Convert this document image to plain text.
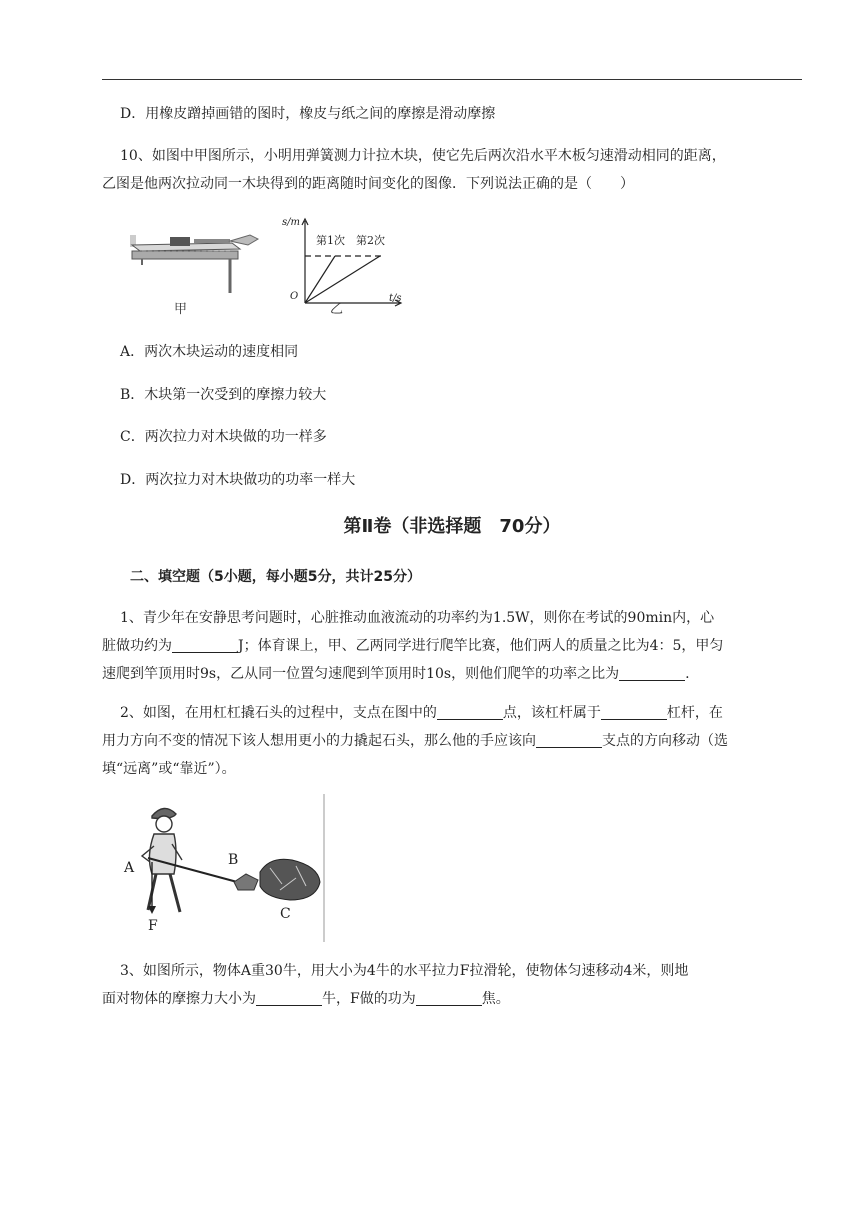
D．用橡皮蹭掉画错的图时，橡皮与纸之间的摩擦是滑动摩擦

10、如图中甲图所示，小明用弹簧测力计拉木块，使它先后两次沿水平木板匀速滑动相同的距离，
乙图是他两次拉动同一木块得到的距离随时间变化的图像．下列说法正确的是（　　）

甲
s/m
t/s
O
第1次 第2次
乙

A．两次木块运动的速度相同

B．木块第一次受到的摩擦力较大

C．两次拉力对木块做的功一样多

D．两次拉力对木块做功的功率一样大

第Ⅱ卷（非选择题　70分）
二、填空题（5小题，每小题5分，共计25分）

1、青少年在安静思考问题时，心脏推动血液流动的功率约为1.5W，则你在考试的90min内，心
脏做功约为	J；体育课上，甲、乙两同学进行爬竿比赛，他们两人的质量之比为4：5，甲匀
速爬到竿顶用时9s，乙从同一位置匀速爬到竿顶用时10s，则他们爬竿的功率之比为	.

2、如图，在用杠杠撬石头的过程中，支点在图中的	点，该杠杆属于	杠杆，在
用力方向不变的情况下该人想用更小的力撬起石头，那么他的手应该向	支点的方向移动（选
填“远离”或“靠近”）。

A	B
C
F

3、如图所示，物体A重30牛，用大小为4牛的水平拉力F拉滑轮，使物体匀速移动4米，则地
面对物体的摩擦力大小为	牛，F做的功为	焦。
